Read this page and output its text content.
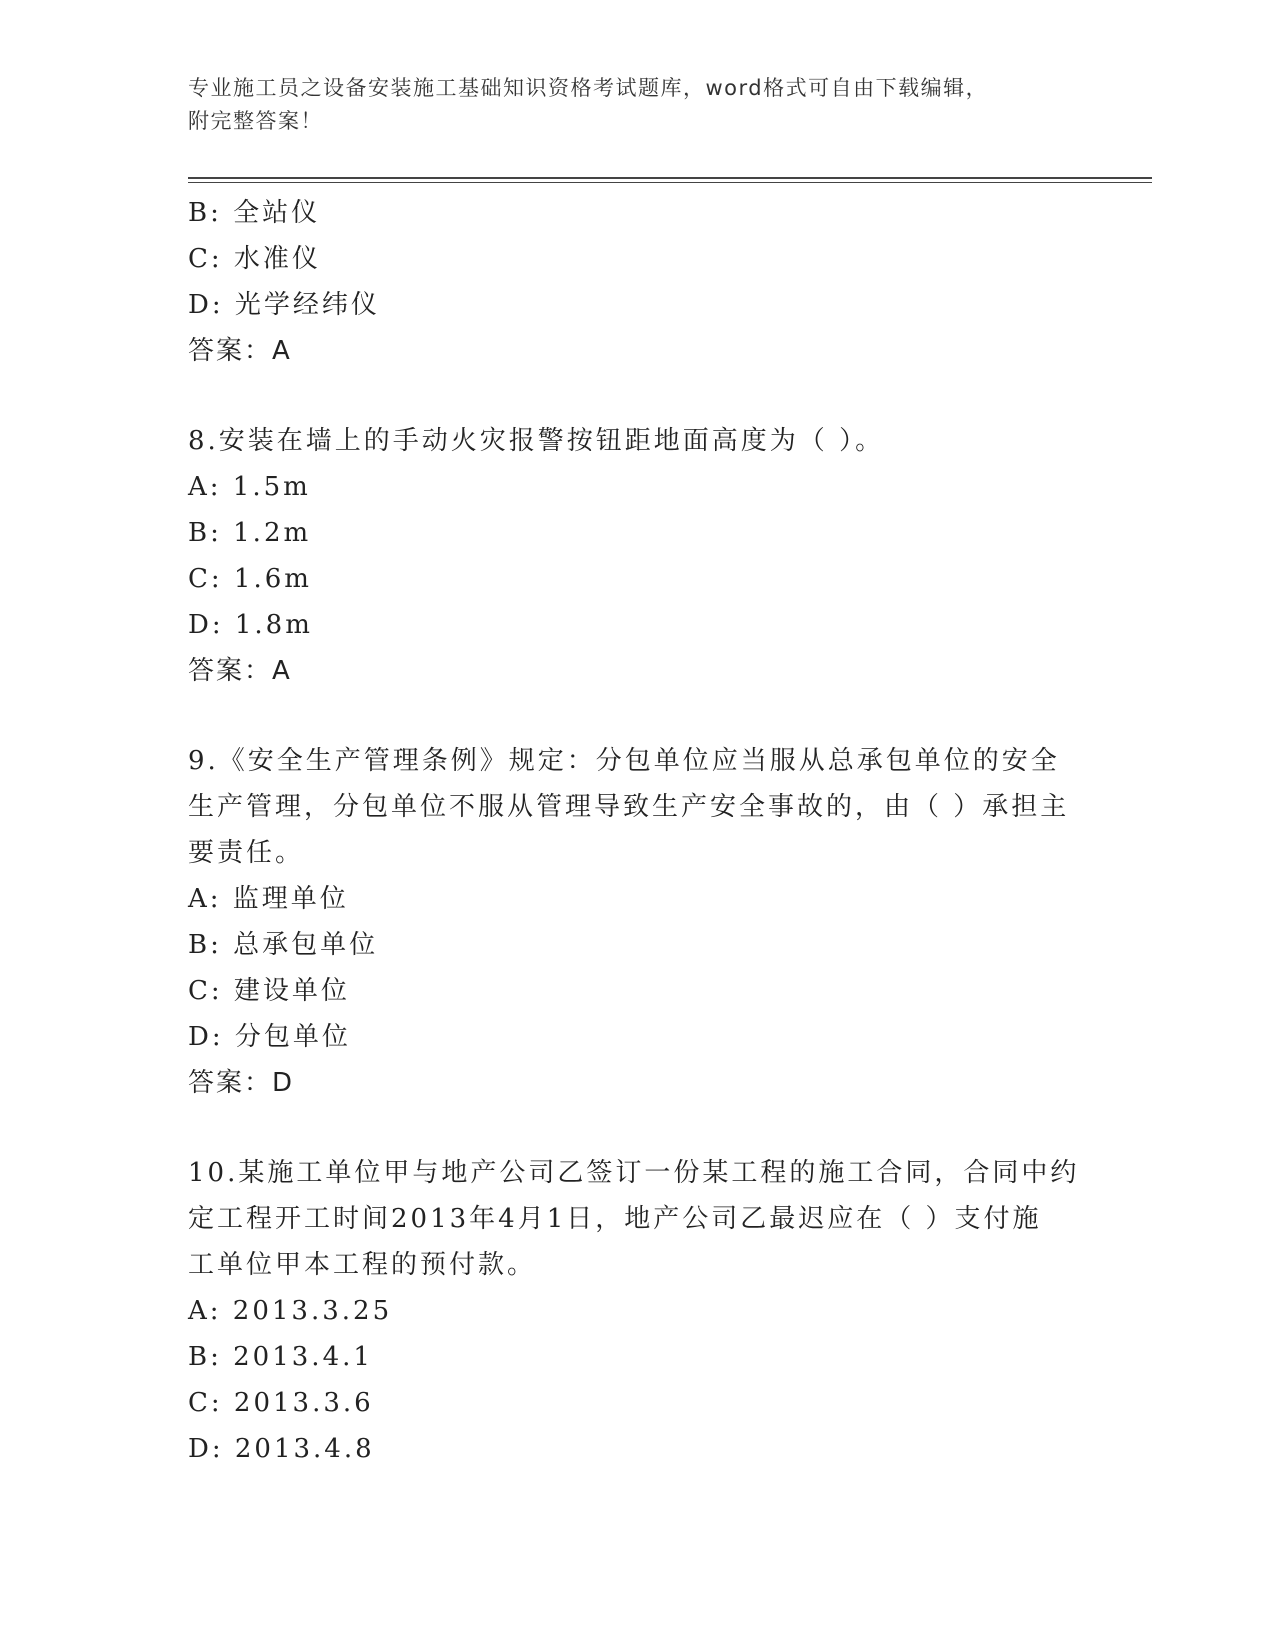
专业施工员之设备安装施工基础知识资格考试题库，word格式可自由下载编辑，
附完整答案！
B: 全站仪
C: 水准仪
D: 光学经纬仪
答案：A
8.安装在墙上的手动火灾报警按钮距地面高度为（ ）。
A: 1.5m
B: 1.2m
C: 1.6m
D: 1.8m
答案：A
9.《安全生产管理条例》规定：分包单位应当服从总承包单位的安全
生产管理，分包单位不服从管理导致生产安全事故的，由（ ）承担主
要责任。
A: 监理单位
B: 总承包单位
C: 建设单位
D: 分包单位
答案：D
10.某施工单位甲与地产公司乙签订一份某工程的施工合同，合同中约
定工程开工时间2013年4月1日，地产公司乙最迟应在（ ）支付施
工单位甲本工程的预付款。
A: 2013.3.25
B: 2013.4.1
C: 2013.3.6
D: 2013.4.8
